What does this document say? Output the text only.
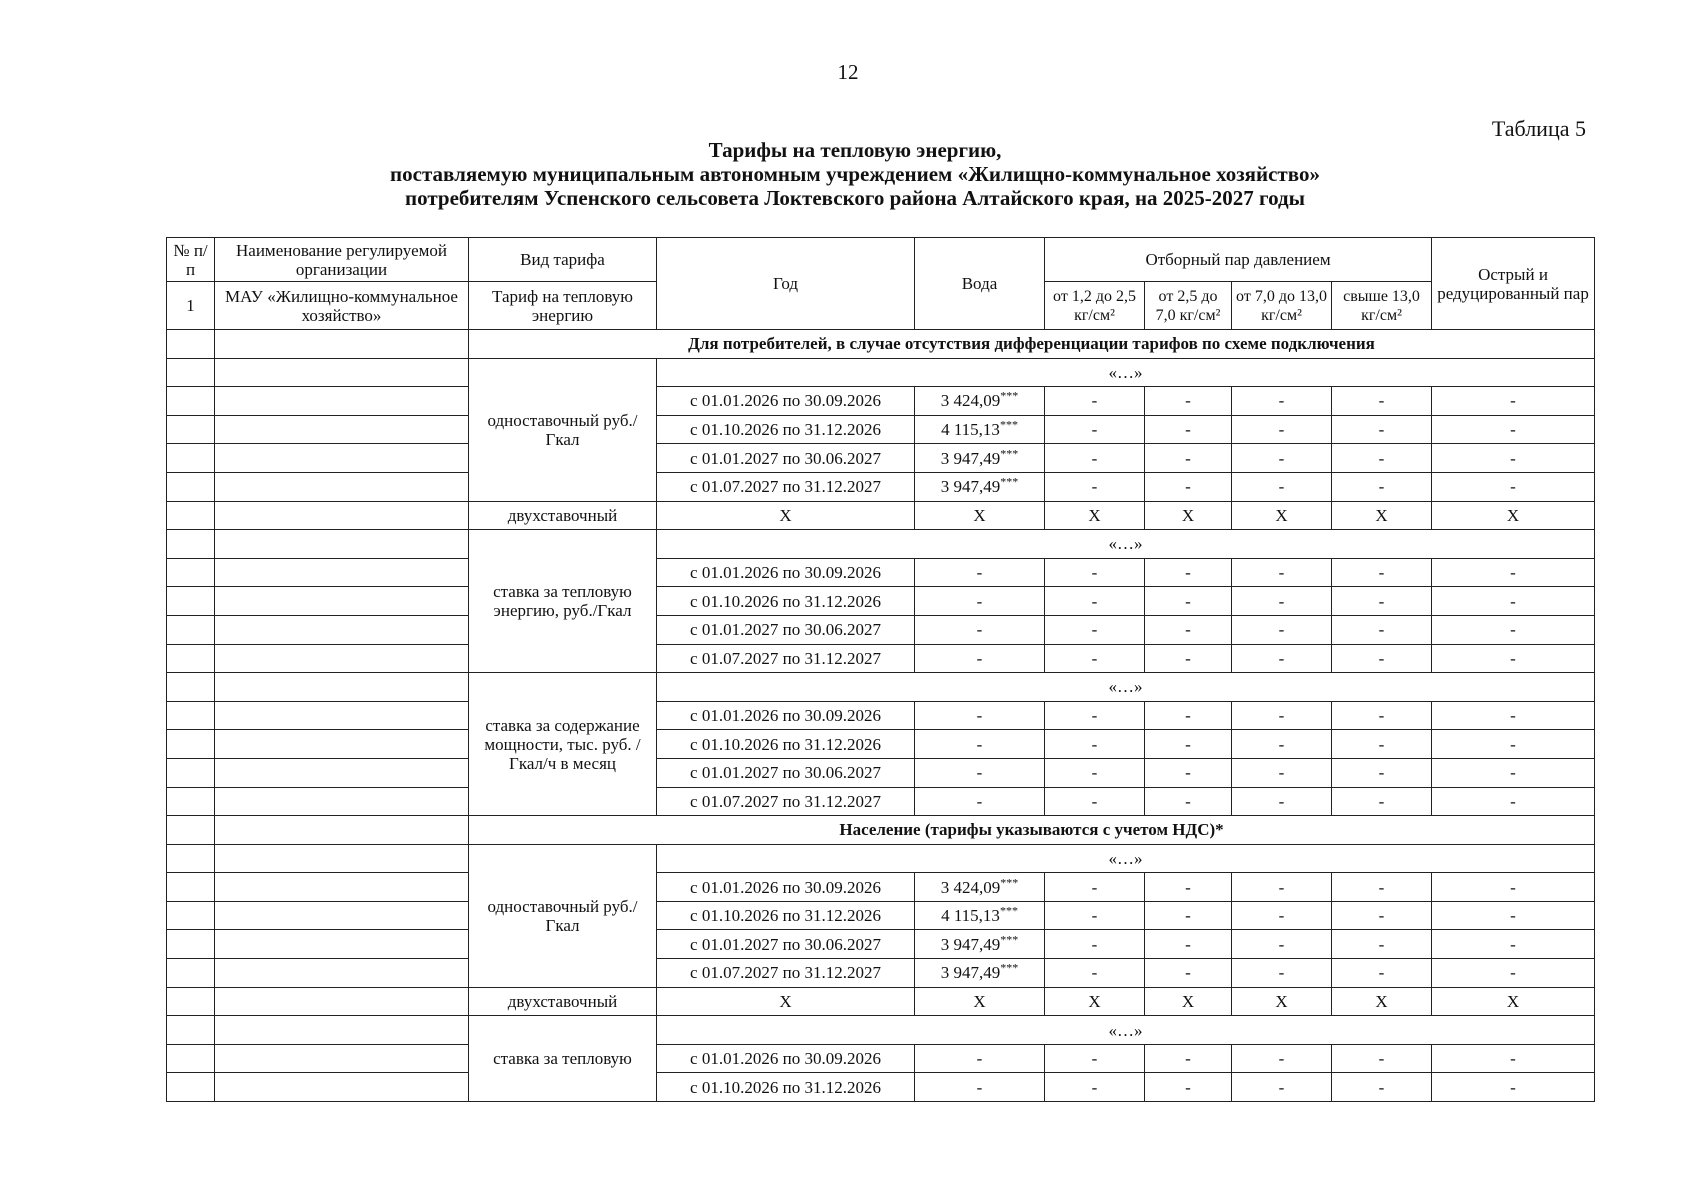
12
Таблица 5
Тарифы на тепловую энергию,
поставляемую муниципальным автономным учреждением «Жилищно-коммунальное хозяйство»
потребителям Успенского сельсовета Локтевского района Алтайского края, на 2025-2027 годы
№ п/п	Наименование регулируемой организации	Вид тарифа	Год	Вода	Отборный пар давлением				Острый и редуцированный пар
1	МАУ «Жилищно-коммунальное хозяйство»	Тариф на тепловую энергию			от 1,2 до 2,5 кг/см²	от 2,5 до 7,0 кг/см²	от 7,0 до 13,0 кг/см²	свыше 13,0 кг/см²	
		Для потребителей, в случае отсутствия дифференциации тарифов по схеме подключения							
		одноставочный руб./Гкал	«…»						
			с 01.01.2026 по 30.09.2026	3 424,09***	-	-	-	-	-
			с 01.10.2026 по 31.12.2026	4 115,13***	-	-	-	-	-
			с 01.01.2027 по 30.06.2027	3 947,49***	-	-	-	-	-
			с 01.07.2027 по 31.12.2027	3 947,49***	-	-	-	-	-
		двухставочный	Х	Х	Х	Х	Х	Х	Х
		ставка за тепловую энергию, руб./Гкал	«…»						
			с 01.01.2026 по 30.09.2026	-	-	-	-	-	-
			с 01.10.2026 по 31.12.2026	-	-	-	-	-	-
			с 01.01.2027 по 30.06.2027	-	-	-	-	-	-
			с 01.07.2027 по 31.12.2027	-	-	-	-	-	-
		ставка за содержание мощности, тыс. руб. /Гкал/ч в месяц	«…»						
			с 01.01.2026 по 30.09.2026	-	-	-	-	-	-
			с 01.10.2026 по 31.12.2026	-	-	-	-	-	-
			с 01.01.2027 по 30.06.2027	-	-	-	-	-	-
			с 01.07.2027 по 31.12.2027	-	-	-	-	-	-
		Население (тарифы указываются с учетом НДС)*							
		одноставочный руб./Гкал	«…»						
			с 01.01.2026 по 30.09.2026	3 424,09***	-	-	-	-	-
			с 01.10.2026 по 31.12.2026	4 115,13***	-	-	-	-	-
			с 01.01.2027 по 30.06.2027	3 947,49***	-	-	-	-	-
			с 01.07.2027 по 31.12.2027	3 947,49***	-	-	-	-	-
		двухставочный	Х	Х	Х	Х	Х	Х	Х
		ставка за тепловую	«…»						
			с 01.01.2026 по 30.09.2026	-	-	-	-	-	-
			с 01.10.2026 по 31.12.2026	-	-	-	-	-	-
